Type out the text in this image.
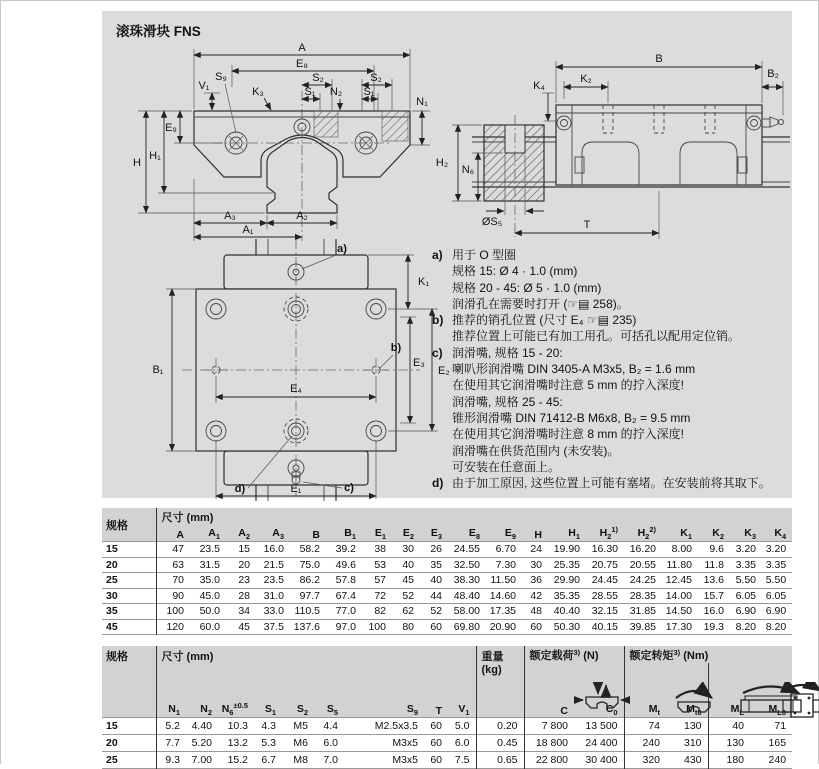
滚珠滑块 FNS
A
E₈
S₂	S₂
S₁	S₁
N₂
K₃
S₉
V₁
H
H₁
E₉
N₁
A₃	A₂
A₁
B
K₂	B₂
K₄
H₂
N₆
ØS₅	T
a)
b)
c)
d)
K₁
E₃
E₂
B₁
E₄
E₁
a) 用于 O 型圈
规格 15: Ø 4 · 1.0 (mm)
规格 20 - 45: Ø 5 · 1.0 (mm)
润滑孔在需要时打开 (☞▤ 258)。
b) 推荐的销孔位置 (尺寸 E₄ ☞▤ 235)
推荐位置上可能已有加工用孔。可括孔以配用定位销。
c) 润滑嘴, 规格 15 - 20:
喇叭形润滑嘴 DIN 3405-A M3x5, B₂ = 1.6 mm
在使用其它润滑嘴时注意 5 mm 的拧入深度!
润滑嘴, 规格 25 - 45:
锥形润滑嘴 DIN 71412-B M6x8, B₂ = 9.5 mm
在使用其它润滑嘴时注意 8 mm 的拧入深度!
润滑嘴在供货范围内 (未安装)。
可安装在任意面上。
d) 由于加工原因, 这些位置上可能有塞堵。在安装前将其取下。
规格	尺寸 (mm)																		
	A	$A_1$	$A_2$	$A_3$	B	$B_1$	$E_1$	$E_2$	$E_3$	$E_8$	$E_9$	H	$H_1$	$H_2^{1)}$	$H_2^{2)}$	$K_1$	$K_2$	$K_3$	$K_4$
15	47	23.5	15	16.0	58.2	39.2	38	30	26	24.55	6.70	24	19.90	16.30	16.20	8.00	9.6	3.20	3.20
20	63	31.5	20	21.5	75.0	49.6	53	40	35	32.50	7.30	30	25.35	20.75	20.55	11.80	11.8	3.35	3.35
25	70	35.0	23	23.5	86.2	57.8	57	45	40	38.30	11.50	36	29.90	24.45	24.25	12.45	13.6	5.50	5.50
30	90	45.0	28	31.0	97.7	67.4	72	52	44	48.40	14.60	42	35.35	28.55	28.35	14.00	15.7	6.05	6.05
35	100	50.0	34	33.0	110.5	77.0	82	62	52	58.00	17.35	48	40.40	32.15	31.85	14.50	16.0	6.90	6.90
45	120	60.0	45	37.5	137.6	97.0	100	80	60	69.80	20.90	60	50.30	40.15	39.85	17.30	19.3	8.20	8.20
规格	尺寸 (mm)									重量 (kg)	额定载荷$^{3)}$ (N)		额定转矩$^{3)}$ (Nm)			

	$N_1$	$N_2$	$N_6^{\pm 0.5}$	$S_1$	$S_2$	$S_5$	$S_9$	T	$V_1$		C	$C_0$	$M_t$	$M_{t0}$	$M_L$	$M_{L0}$
15	5.2	4.40	10.3	4.3	M5	4.4	M2.5x3.5	60	5.0	0.20	7 800	13 500	74	130	40	71
20	7.7	5.20	13.2	5.3	M6	6.0	M3x5	60	6.0	0.45	18 800	24 400	240	310	130	165
25	9.3	7.00	15.2	6.7	M8	7.0	M3x5	60	7.5	0.65	22 800	30 400	320	430	180	240
